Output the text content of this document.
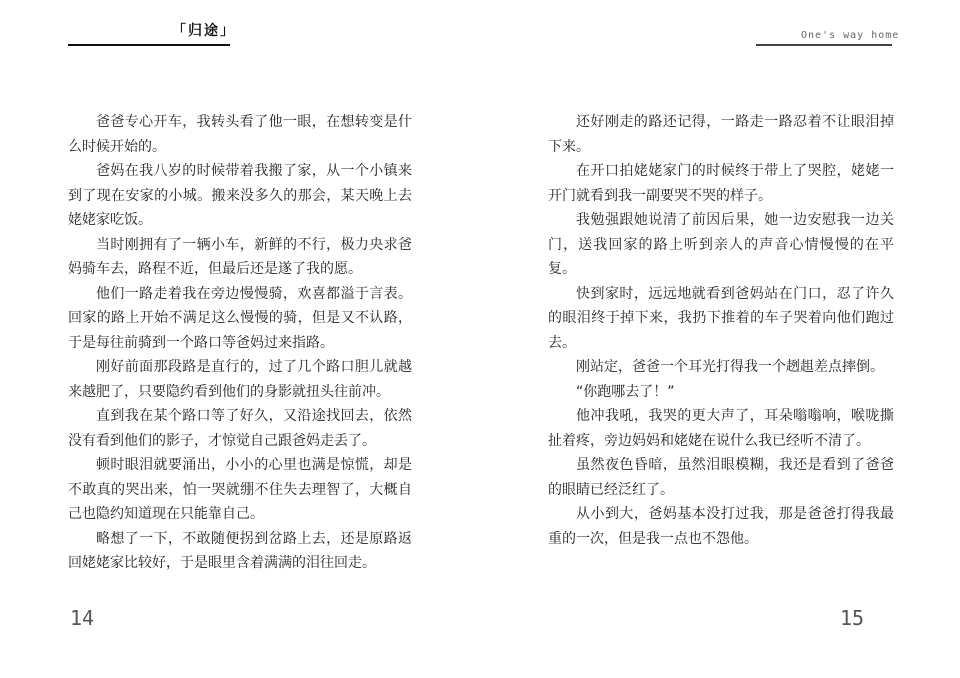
「归途」

爸爸专心开车，我转头看了他一眼，在想转变是什么时候开始的。

爸妈在我八岁的时候带着我搬了家，从一个小镇来到了现在安家的小城。搬来没多久的那会，某天晚上去姥姥家吃饭。

当时刚拥有了一辆小车，新鲜的不行，极力央求爸妈骑车去，路程不近，但最后还是遂了我的愿。

他们一路走着我在旁边慢慢骑，欢喜都溢于言表。回家的路上开始不满足这么慢慢的骑，但是又不认路，于是每往前骑到一个路口等爸妈过来指路。

刚好前面那段路是直行的，过了几个路口胆儿就越来越肥了，只要隐约看到他们的身影就扭头往前冲。

直到我在某个路口等了好久，又沿途找回去，依然没有看到他们的影子，才惊觉自己跟爸妈走丢了。

顿时眼泪就要涌出，小小的心里也满是惊慌，却是不敢真的哭出来，怕一哭就绷不住失去理智了，大概自己也隐约知道现在只能靠自己。

略想了一下，不敢随便拐到岔路上去，还是原路返回姥姥家比较好，于是眼里含着满满的泪往回走。

14
One's way home

还好刚走的路还记得，一路走一路忍着不让眼泪掉下来。

在开口拍姥姥家门的时候终于带上了哭腔，姥姥一开门就看到我一副要哭不哭的样子。

我勉强跟她说清了前因后果，她一边安慰我一边关门，送我回家的路上听到亲人的声音心情慢慢的在平复。

快到家时，远远地就看到爸妈站在门口，忍了许久的眼泪终于掉下来，我扔下推着的车子哭着向他们跑过去。

刚站定，爸爸一个耳光打得我一个趔趄差点摔倒。

“你跑哪去了！”

他冲我吼，我哭的更大声了，耳朵嗡嗡响，喉咙撕扯着疼，旁边妈妈和姥姥在说什么我已经听不清了。

虽然夜色昏暗，虽然泪眼模糊，我还是看到了爸爸的眼睛已经泛红了。

从小到大，爸妈基本没打过我，那是爸爸打得我最重的一次，但是我一点也不怨他。

15
